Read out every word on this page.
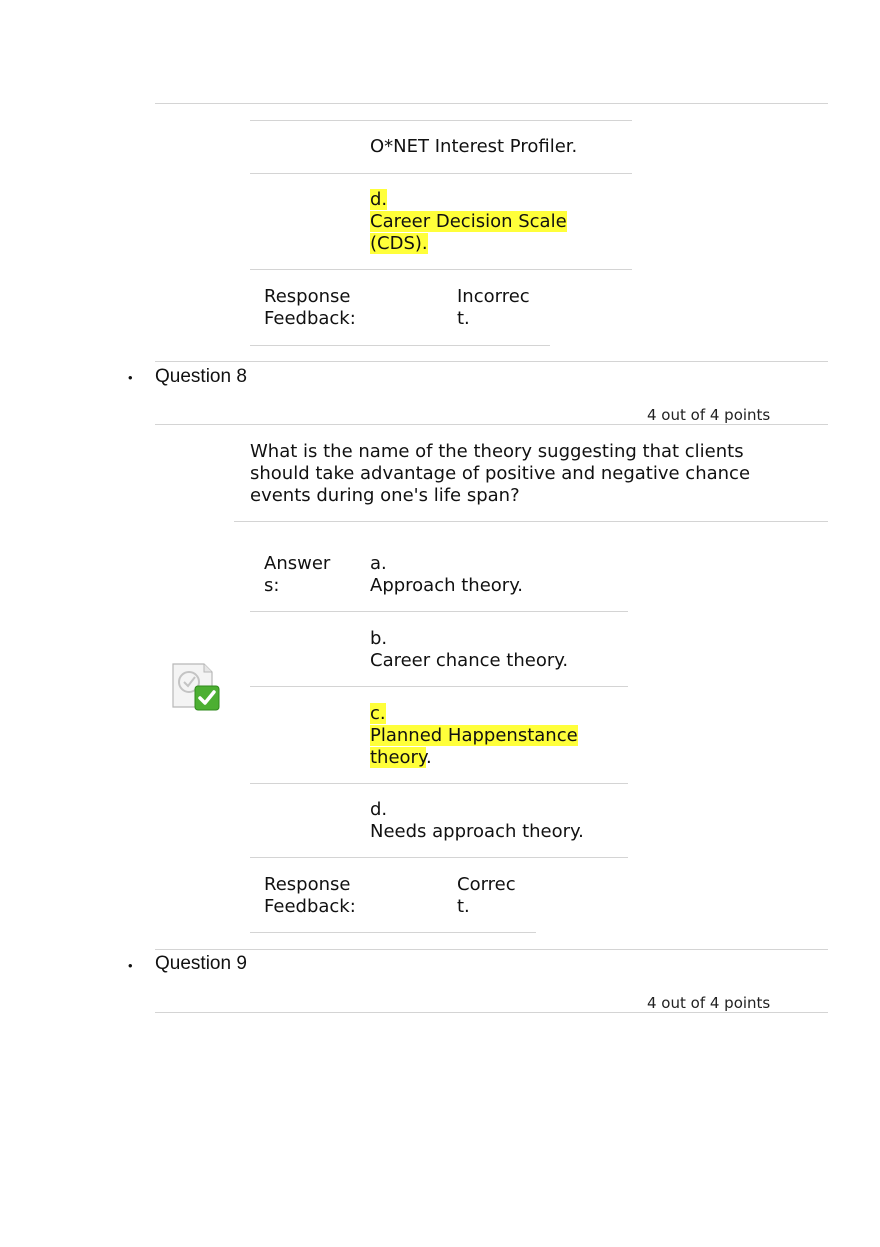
O*NET Interest Profiler.
d.
Career Decision Scale
(CDS).
Response
Feedback:
Incorrec
t.
• Question 8
4 out of 4 points
What is the name of the theory suggesting that clients
should take advantage of positive and negative chance
events during one's life span?
Answer
s:
a.
Approach theory.
b.
Career chance theory.
c.
Planned Happenstance
theory.
d.
Needs approach theory.
Response
Feedback:
Correc
t.
• Question 9
4 out of 4 points
